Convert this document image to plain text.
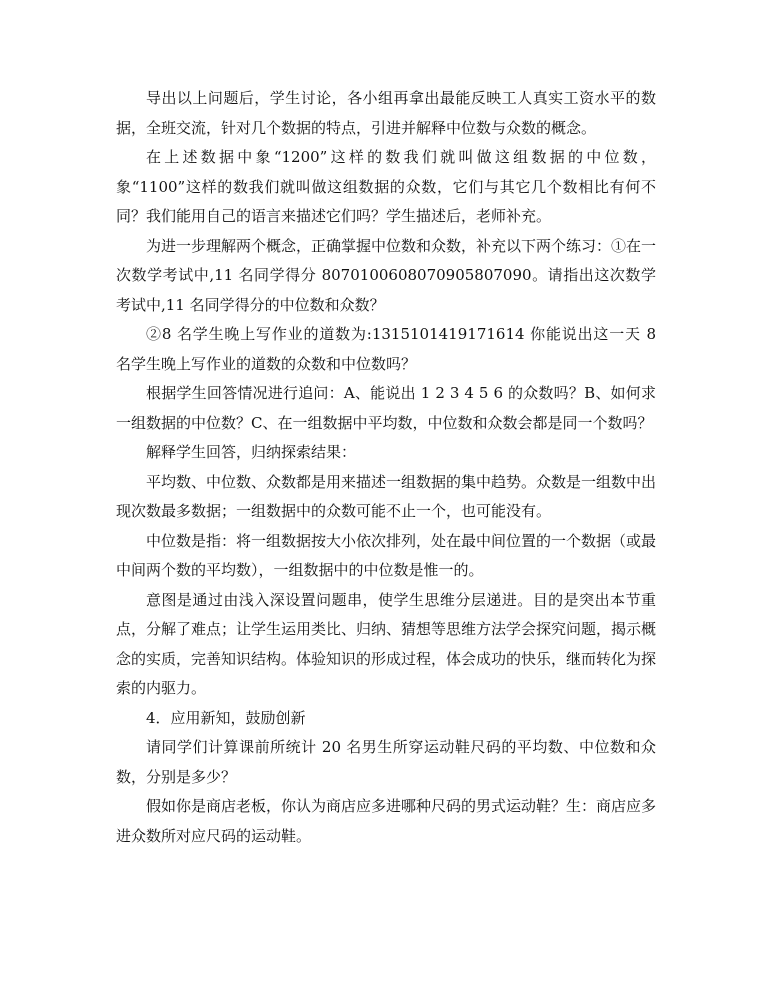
导出以上问题后，学生讨论，各小组再拿出最能反映工人真实工资水平的数据，全班交流，针对几个数据的特点，引进并解释中位数与众数的概念。

在上述数据中象“1200”这样的数我们就叫做这组数据的中位数，象“1100”这样的数我们就叫做这组数据的众数，它们与其它几个数相比有何不同？我们能用自己的语言来描述它们吗？学生描述后，老师补充。

为进一步理解两个概念，正确掌握中位数和众数，补充以下两个练习：①在一次数学考试中,11 名同学得分 8070100608070905807090。请指出这次数学考试中,11 名同学得分的中位数和众数？

②8 名学生晚上写作业的道数为:1315101419171614 你能说出这一天 8 名学生晚上写作业的道数的众数和中位数吗？

根据学生回答情况进行追问：A、能说出 1 2 3 4 5 6 的众数吗？B、如何求一组数据的中位数？C、在一组数据中平均数，中位数和众数会都是同一个数吗？

解释学生回答，归纳探索结果：

平均数、中位数、众数都是用来描述一组数据的集中趋势。众数是一组数中出现次数最多数据；一组数据中的众数可能不止一个，也可能没有。

中位数是指：将一组数据按大小依次排列，处在最中间位置的一个数据（或最中间两个数的平均数），一组数据中的中位数是惟一的。

意图是通过由浅入深设置问题串，使学生思维分层递进。目的是突出本节重点，分解了难点；让学生运用类比、归纳、猜想等思维方法学会探究问题，揭示概念的实质，完善知识结构。体验知识的形成过程，体会成功的快乐，继而转化为探索的内驱力。

4．应用新知，鼓励创新

请同学们计算课前所统计 20 名男生所穿运动鞋尺码的平均数、中位数和众数，分别是多少？

假如你是商店老板，你认为商店应多进哪种尺码的男式运动鞋？生：商店应多进众数所对应尺码的运动鞋。
